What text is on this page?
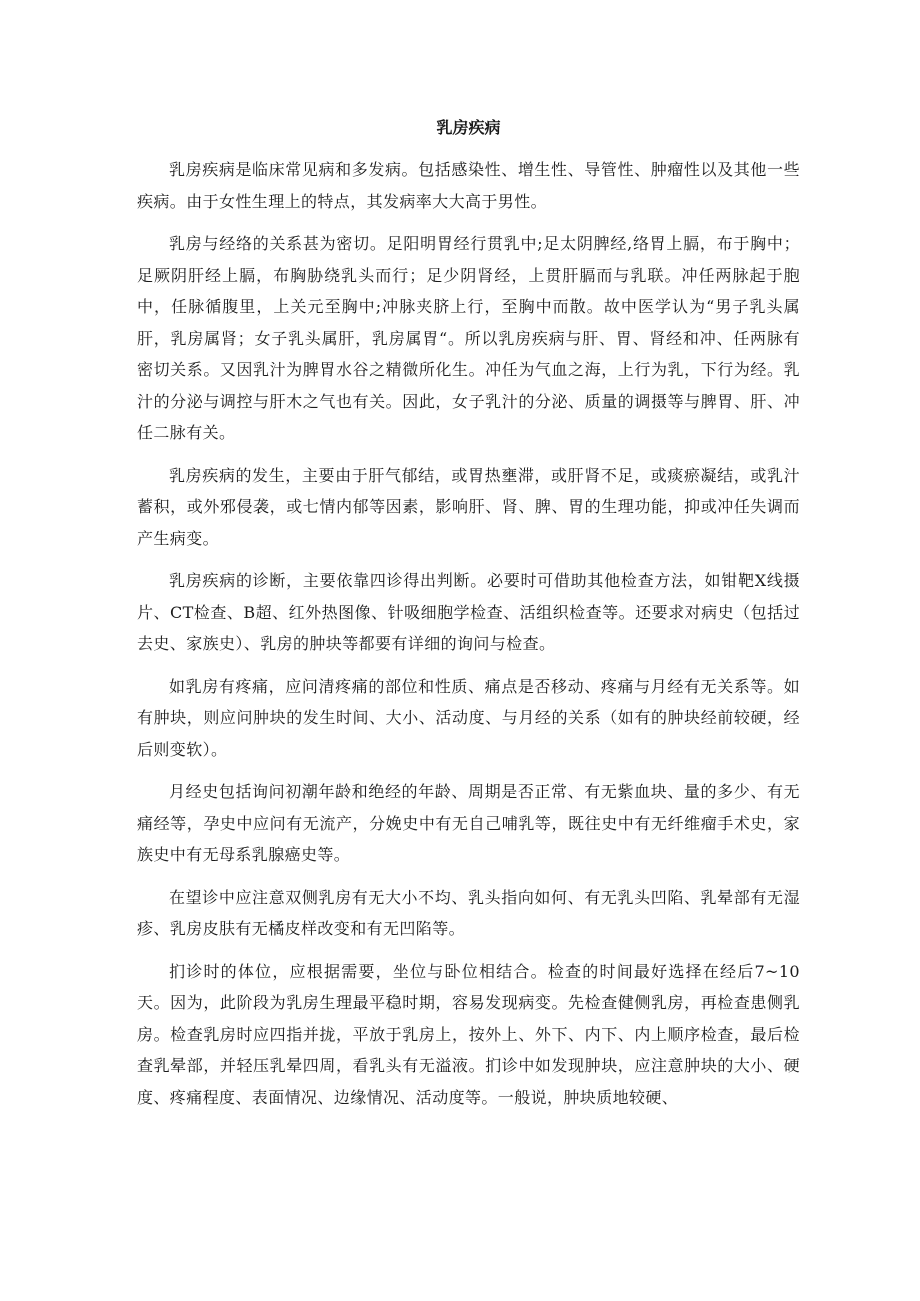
乳房疾病

乳房疾病是临床常见病和多发病。包括感染性、增生性、导管性、肿瘤性以及其他一些疾病。由于女性生理上的特点，其发病率大大高于男性。

乳房与经络的关系甚为密切。足阳明胃经行贯乳中;足太阴脾经,络胃上膈，布于胸中；足厥阴肝经上膈，布胸胁绕乳头而行；足少阴肾经，上贯肝膈而与乳联。冲任两脉起于胞中，任脉循腹里，上关元至胸中;冲脉夹脐上行，至胸中而散。故中医学认为“男子乳头属肝，乳房属肾；女子乳头属肝，乳房属胃“。所以乳房疾病与肝、胃、肾经和冲、任两脉有密切关系。又因乳汁为脾胃水谷之精微所化生。冲任为气血之海，上行为乳，下行为经。乳汁的分泌与调控与肝木之气也有关。因此，女子乳汁的分泌、质量的调摄等与脾胃、肝、冲任二脉有关。

乳房疾病的发生，主要由于肝气郁结，或胃热壅滞，或肝肾不足，或痰瘀凝结，或乳汁蓄积，或外邪侵袭，或七情内郁等因素，影响肝、肾、脾、胃的生理功能，抑或冲任失调而产生病变。

乳房疾病的诊断，主要依靠四诊得出判断。必要时可借助其他检查方法，如钳靶X线摄片、CT检查、B超、红外热图像、针吸细胞学检查、活组织检查等。还要求对病史（包括过去史、家族史）、乳房的肿块等都要有详细的询问与检查。

如乳房有疼痛，应问清疼痛的部位和性质、痛点是否移动、疼痛与月经有无关系等。如有肿块，则应问肿块的发生时间、大小、活动度、与月经的关系（如有的肿块经前较硬，经后则变软）。

月经史包括询问初潮年龄和绝经的年龄、周期是否正常、有无紫血块、量的多少、有无痛经等，孕史中应问有无流产，分娩史中有无自己哺乳等，既往史中有无纤维瘤手术史，家族史中有无母系乳腺癌史等。

在望诊中应注意双侧乳房有无大小不均、乳头指向如何、有无乳头凹陷、乳晕部有无湿疹、乳房皮肤有无橘皮样改变和有无凹陷等。

扪诊时的体位，应根据需要，坐位与卧位相结合。检查的时间最好选择在经后7~10天。因为，此阶段为乳房生理最平稳时期，容易发现病变。先检查健侧乳房，再检查患侧乳房。检查乳房时应四指并拢，平放于乳房上，按外上、外下、内下、内上顺序检查，最后检查乳晕部，并轻压乳晕四周，看乳头有无溢液。扪诊中如发现肿块，应注意肿块的大小、硬度、疼痛程度、表面情况、边缘情况、活动度等。一般说，肿块质地较硬、
